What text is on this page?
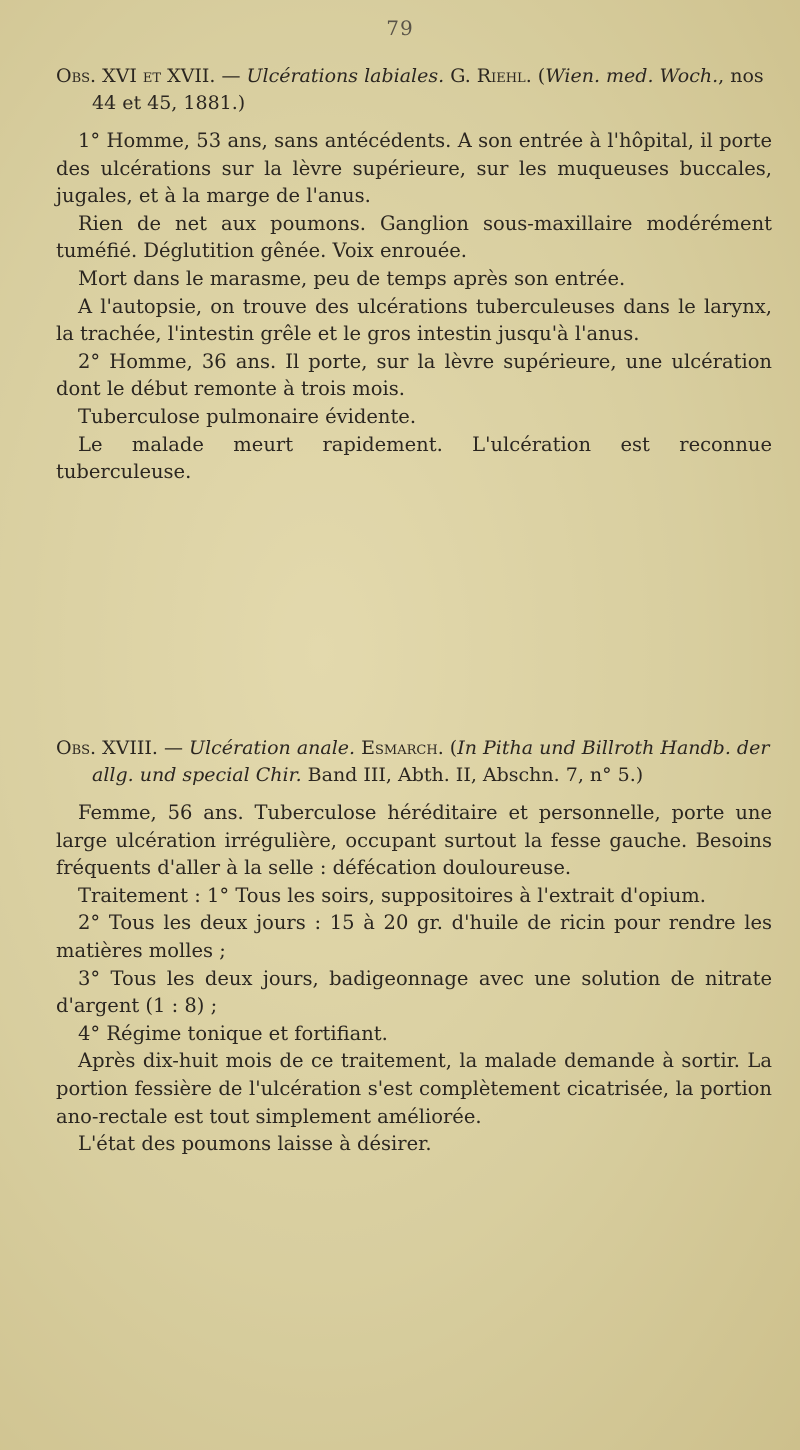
79

Obs. XVI et XVII. — Ulcérations labiales. G. Riehl. (Wien. med. Woch., nos 44 et 45, 1881.)

1° Homme, 53 ans, sans antécédents. A son entrée à l'hôpital, il porte des ulcérations sur la lèvre supérieure, sur les muqueuses buccales, jugales, et à la marge de l'anus.

Rien de net aux poumons. Ganglion sous-maxillaire modérément tuméfié. Déglutition gênée. Voix enrouée.

Mort dans le marasme, peu de temps après son entrée.

A l'autopsie, on trouve des ulcérations tuberculeuses dans le larynx, la trachée, l'intestin grêle et le gros intestin jusqu'à l'anus.

2° Homme, 36 ans. Il porte, sur la lèvre supérieure, une ulcération dont le début remonte à trois mois.

Tuberculose pulmonaire évidente.

Le malade meurt rapidement. L'ulcération est reconnue tuberculeuse.

Obs. XVIII. — Ulcération anale. Esmarch. (In Pitha und Billroth Handb. der allg. und special Chir. Band III, Abth. II, Abschn. 7, n° 5.)

Femme, 56 ans. Tuberculose héréditaire et personnelle, porte une large ulcération irrégulière, occupant surtout la fesse gauche. Besoins fréquents d'aller à la selle : défécation douloureuse.

Traitement : 1° Tous les soirs, suppositoires à l'extrait d'opium.

2° Tous les deux jours : 15 à 20 gr. d'huile de ricin pour rendre les matières molles ;

3° Tous les deux jours, badigeonnage avec une solution de nitrate d'argent (1 : 8) ;

4° Régime tonique et fortifiant.

Après dix-huit mois de ce traitement, la malade demande à sortir. La portion fessière de l'ulcération s'est complètement cicatrisée, la portion ano-rectale est tout simplement améliorée.

L'état des poumons laisse à désirer.
